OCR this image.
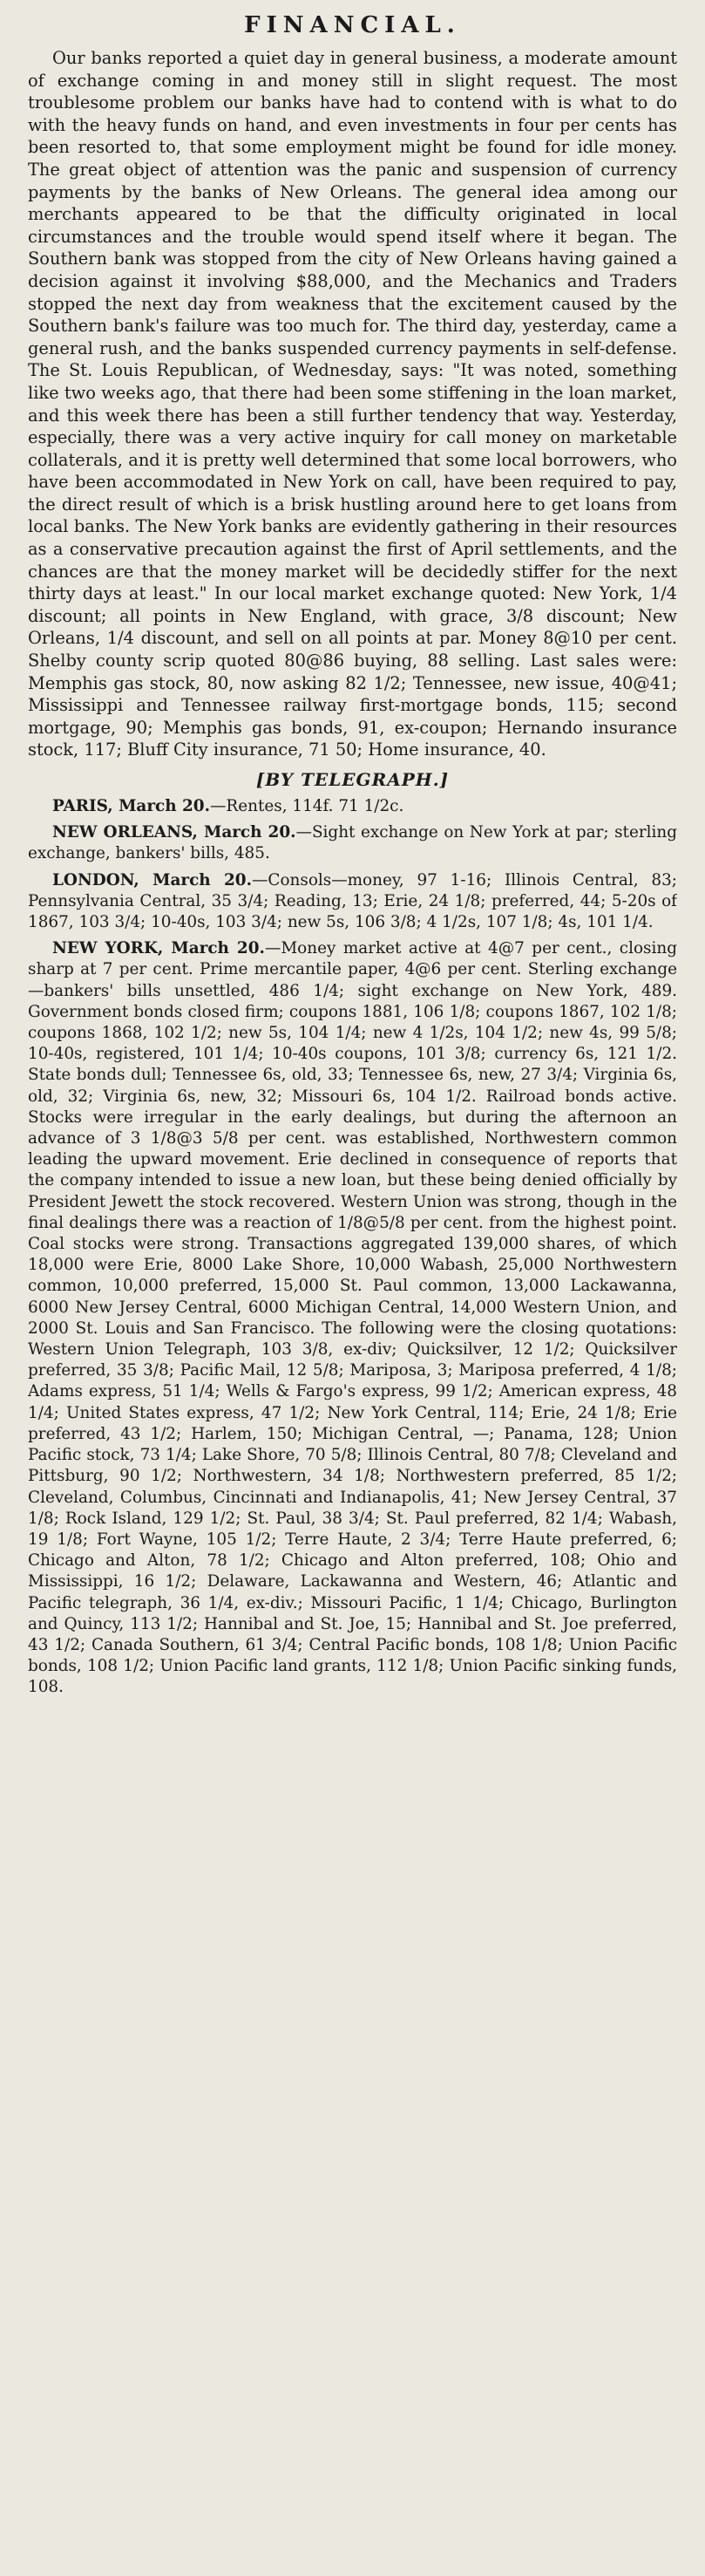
FINANCIAL.

Our banks reported a quiet day in general business, a moderate amount of exchange coming in and money still in slight request. The most troublesome problem our banks have had to contend with is what to do with the heavy funds on hand, and even investments in four per cents has been resorted to, that some employment might be found for idle money. The great object of attention was the panic and suspension of currency payments by the banks of New Orleans. The general idea among our merchants appeared to be that the difficulty originated in local circumstances and the trouble would spend itself where it began. The Southern bank was stopped from the city of New Orleans having gained a decision against it involving $88,000, and the Mechanics and Traders stopped the next day from weakness that the excitement caused by the Southern bank's failure was too much for. The third day, yesterday, came a general rush, and the banks suspended currency payments in self-defense. The St. Louis Republican, of Wednesday, says: "It was noted, something like two weeks ago, that there had been some stiffening in the loan market, and this week there has been a still further tendency that way. Yesterday, especially, there was a very active inquiry for call money on marketable collaterals, and it is pretty well determined that some local borrowers, who have been accommodated in New York on call, have been required to pay, the direct result of which is a brisk hustling around here to get loans from local banks. The New York banks are evidently gathering in their resources as a conservative precaution against the first of April settlements, and the chances are that the money market will be decidedly stiffer for the next thirty days at least." In our local market exchange quoted: New York, 1/4 discount; all points in New England, with grace, 3/8 discount; New Orleans, 1/4 discount, and sell on all points at par. Money 8@10 per cent. Shelby county scrip quoted 80@86 buying, 88 selling. Last sales were: Memphis gas stock, 80, now asking 82 1/2; Tennessee, new issue, 40@41; Mississippi and Tennessee railway first-mortgage bonds, 115; second mortgage, 90; Memphis gas bonds, 91, ex-coupon; Hernando insurance stock, 117; Bluff City insurance, 71 50; Home insurance, 40.

[BY TELEGRAPH.]

PARIS, March 20.—Rentes, 114f. 71 1/2c.

NEW ORLEANS, March 20.—Sight exchange on New York at par; sterling exchange, bankers' bills, 485.

LONDON, March 20.—Consols—money, 97 1-16; Illinois Central, 83; Pennsylvania Central, 35 3/4; Reading, 13; Erie, 24 1/8; preferred, 44; 5-20s of 1867, 103 3/4; 10-40s, 103 3/4; new 5s, 106 3/8; 4 1/2s, 107 1/8; 4s, 101 1/4.

NEW YORK, March 20.—Money market active at 4@7 per cent., closing sharp at 7 per cent. Prime mercantile paper, 4@6 per cent. Sterling exchange—bankers' bills unsettled, 486 1/4; sight exchange on New York, 489. Government bonds closed firm; coupons 1881, 106 1/8; coupons 1867, 102 1/8; coupons 1868, 102 1/2; new 5s, 104 1/4; new 4 1/2s, 104 1/2; new 4s, 99 5/8; 10-40s, registered, 101 1/4; 10-40s coupons, 101 3/8; currency 6s, 121 1/2. State bonds dull; Tennessee 6s, old, 33; Tennessee 6s, new, 27 3/4; Virginia 6s, old, 32; Virginia 6s, new, 32; Missouri 6s, 104 1/2. Railroad bonds active. Stocks were irregular in the early dealings, but during the afternoon an advance of 3 1/8@3 5/8 per cent. was established, Northwestern common leading the upward movement. Erie declined in consequence of reports that the company intended to issue a new loan, but these being denied officially by President Jewett the stock recovered. Western Union was strong, though in the final dealings there was a reaction of 1/8@5/8 per cent. from the highest point. Coal stocks were strong. Transactions aggregated 139,000 shares, of which 18,000 were Erie, 8000 Lake Shore, 10,000 Wabash, 25,000 Northwestern common, 10,000 preferred, 15,000 St. Paul common, 13,000 Lackawanna, 6000 New Jersey Central, 6000 Michigan Central, 14,000 Western Union, and 2000 St. Louis and San Francisco. The following were the closing quotations: Western Union Telegraph, 103 3/8, ex-div; Quicksilver, 12 1/2; Quicksilver preferred, 35 3/8; Pacific Mail, 12 5/8; Mariposa, 3; Mariposa preferred, 4 1/8; Adams express, 51 1/4; Wells & Fargo's express, 99 1/2; American express, 48 1/4; United States express, 47 1/2; New York Central, 114; Erie, 24 1/8; Erie preferred, 43 1/2; Harlem, 150; Michigan Central, —; Panama, 128; Union Pacific stock, 73 1/4; Lake Shore, 70 5/8; Illinois Central, 80 7/8; Cleveland and Pittsburg, 90 1/2; Northwestern, 34 1/8; Northwestern preferred, 85 1/2; Cleveland, Columbus, Cincinnati and Indianapolis, 41; New Jersey Central, 37 1/8; Rock Island, 129 1/2; St. Paul, 38 3/4; St. Paul preferred, 82 1/4; Wabash, 19 1/8; Fort Wayne, 105 1/2; Terre Haute, 2 3/4; Terre Haute preferred, 6; Chicago and Alton, 78 1/2; Chicago and Alton preferred, 108; Ohio and Mississippi, 16 1/2; Delaware, Lackawanna and Western, 46; Atlantic and Pacific telegraph, 36 1/4, ex-div.; Missouri Pacific, 1 1/4; Chicago, Burlington and Quincy, 113 1/2; Hannibal and St. Joe, 15; Hannibal and St. Joe preferred, 43 1/2; Canada Southern, 61 3/4; Central Pacific bonds, 108 1/8; Union Pacific bonds, 108 1/2; Union Pacific land grants, 112 1/8; Union Pacific sinking funds, 108.
